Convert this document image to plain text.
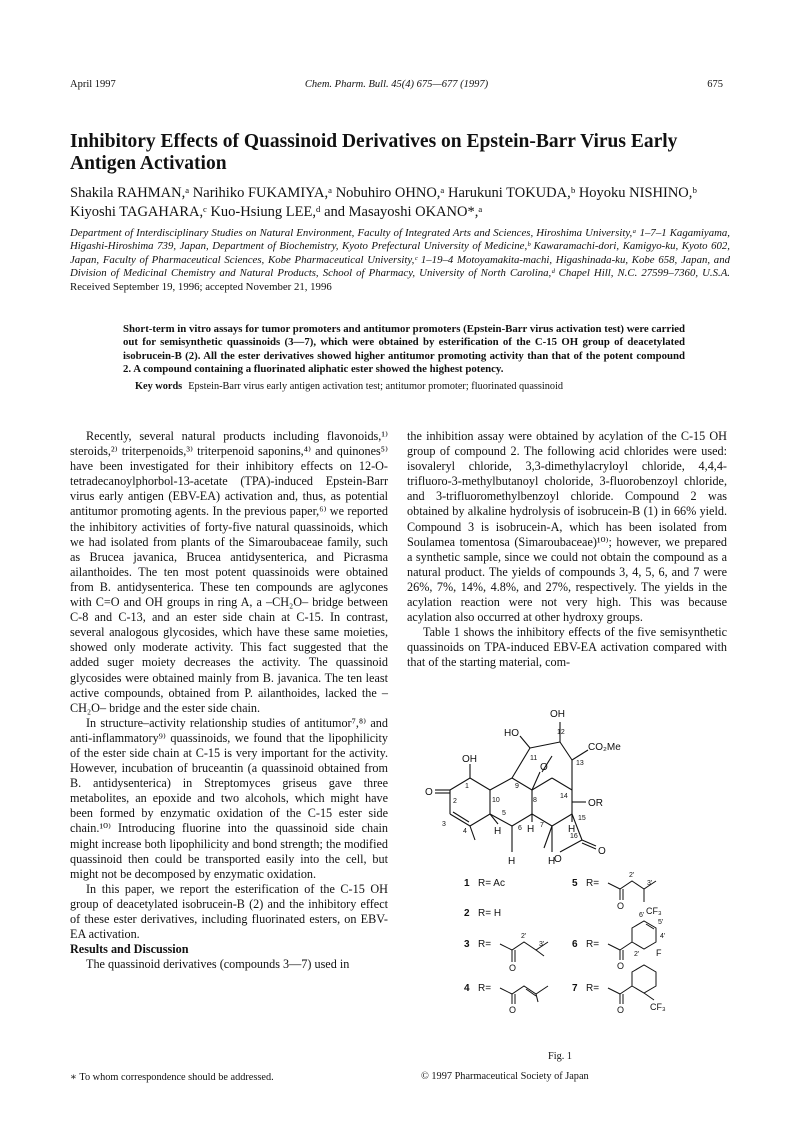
April 1997	Chem. Pharm. Bull. 45(4) 675—677 (1997)	675
Inhibitory Effects of Quassinoid Derivatives on Epstein-Barr Virus Early Antigen Activation
Shakila RAHMAN,ᵃ Narihiko FUKAMIYA,ᵃ Nobuhiro OHNO,ᵃ Harukuni TOKUDA,ᵇ Hoyoku NISHINO,ᵇ Kiyoshi TAGAHARA,ᶜ Kuo-Hsiung LEE,ᵈ and Masayoshi OKANO*,ᵃ
Department of Interdisciplinary Studies on Natural Environment, Faculty of Integrated Arts and Sciences, Hiroshima University,ᵃ 1–7–1 Kagamiyama, Higashi-Hiroshima 739, Japan, Department of Biochemistry, Kyoto Prefectural University of Medicine,ᵇ Kawaramachi-dori, Kamigyo-ku, Kyoto 602, Japan, Faculty of Pharmaceutical Sciences, Kobe Pharmaceutical University,ᶜ 1–19–4 Motoyamakita-machi, Higashinada-ku, Kobe 658, Japan, and Division of Medicinal Chemistry and Natural Products, School of Pharmacy, University of North Carolina,ᵈ Chapel Hill, N.C. 27599–7360, U.S.A. Received September 19, 1996; accepted November 21, 1996
Short-term in vitro assays for tumor promoters and antitumor promoters (Epstein-Barr virus activation test) were carried out for semisynthetic quassinoids (3—7), which were obtained by esterification of the C-15 OH group of deacetylated isobrucein-B (2). All the ester derivatives showed higher antitumor promoting activity than that of the potent compound 2. A compound containing a fluorinated aliphatic ester showed the highest potency.
Key words Epstein-Barr virus early antigen activation test; antitumor promoter; fluorinated quassinoid

Recently, several natural products including flavonoids,¹⁾ steroids,²⁾ triterpenoids,³⁾ triterpenoid saponins,⁴⁾ and quinones⁵⁾ have been investigated for their inhibitory effects on 12-O-tetradecanoylphorbol-13-acetate (TPA)-induced Epstein-Barr virus early antigen (EBV-EA) activation and, thus, as potential antitumor promoting agents. In the previous paper,⁶⁾ we reported the inhibitory activities of forty-five natural quassinoids, which we had isolated from plants of the Simaroubaceae family, such as Brucea javanica, Brucea antidysenterica, and Picrasma ailanthoides. The ten most potent quassinoids were obtained from B. antidysenterica. These ten compounds are aglycones with C=O and OH groups in ring A, a –CH₂O– bridge between C-8 and C-13, and an ester side chain at C-15. In contrast, several analogous glycosides, which have these same moieties, showed only moderate activity. This fact suggested that the added suger moiety decreases the activity. The quassinoid glycosides were obtained mainly from B. javanica. The ten least active compounds, obtained from P. ailanthoides, lacked the –CH₂O– bridge and the ester side chain.

In structure–activity relationship studies of antitumor⁷,⁸⁾ and anti-inflammatory⁹⁾ quassinoids, we found that the lipophilicity of the ester side chain at C-15 is very important for the activity. However, incubation of bruceantin (a quassinoid obtained from B. antidysenterica) in Streptomyces griseus gave three metabolites, an epoxide and two alcohols, which might have been formed by enzymatic oxidation of the C-15 ester side chain.¹⁰⁾ Introducing fluorine into the quassinoid side chain might increase both lipophilicity and bond strength; the modified quassinoid then could be transported easily into the cell, but might not be decomposed by enzymatic oxidation.

In this paper, we report the esterification of the C-15 OH group of deacetylated isobrucein-B (2) and the inhibitory effect of these ester derivatives, including fluorinated esters, on EBV-EA activation.

Results and Discussion

The quassinoid derivatives (compounds 3—7) used in

the inhibition assay were obtained by acylation of the C-15 OH group of compound 2. The following acid chlorides were used: isovaleryl chloride, 3,3-dimethylacryloyl chloride, 4,4,4-trifluoro-3-methylbutanoyl choloride, 3-fluorobenzoyl chloride, and 3-trifluoromethylbenzoyl chloride. Compound 2 was obtained by alkaline hydrolysis of isobrucein-B (1) in 66% yield. Compound 3 is isobrucein-A, which has been isolated from Soulamea tomentosa (Simaroubaceae)¹⁰⁾; however, we prepared a synthetic sample, since we could not obtain the compound as a natural product. The yields of compounds 3, 4, 5, 6, and 7 were 26%, 7%, 14%, 4.8%, and 27%, respectively. The yields in the acylation reaction were not very high. This was because acylation also occurred at other hydroxy groups.

Table 1 shows the inhibitory effects of the five semisynthetic quassinoids on TPA-induced EBV-EA activation compared with that of the starting material, com-

OH
HO
CO₂Me
OH
OR
O
O
O
O
H
H	H
H	H
1
2
3
4
5
6	7
8
9
10
11
12
13
14
15
16
1 R= Ac
2 R= H
3 R=
4 R=
5 R=
6 R=
7 R=
CF₃
2'
3'
O
2'
3'
O
6'
5'
4'
2' F
O
O	O	CF₃
Fig. 1
∗ To whom correspondence should be addressed.	© 1997 Pharmaceutical Society of Japan
